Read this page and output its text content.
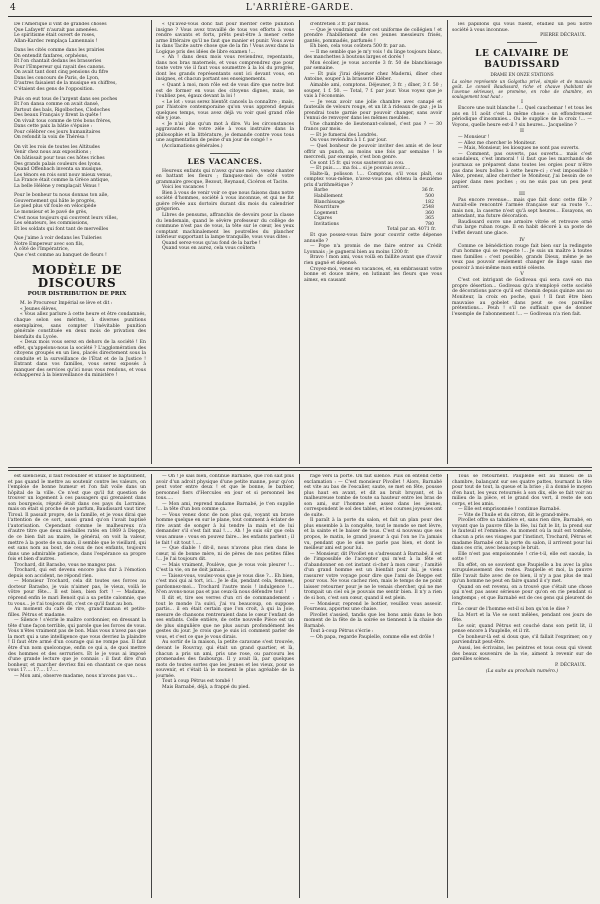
4	L'ARRIÈRE-GARDE.

De l'Amérique il vint de grandes choses

Que Lafayett' n'aurait pas amenées.

Le spiritisme était ouvert de roses,

Allan-Kardec remplaça Lamennais !

Dans les cités comme dans les prairies

On entendit fanfares, orphéons,

Et l'on chantait dedans les brasseries

Pour l'Empereur qui rayait des canons.

On avait tant dont cinq pensions du fifre

Dans les concours de Paris, de Lyon,

D'autres faisaient de la musique en chiffres,

C'étaient des gens de l'opposition.

Puis on eut tous de l'argent dans ses poches

Et l'on dansa comme on avait dansé,

Partout des bals, Rigolboches, Clodoches

Des beaux Français y firent la quête !

On vivait tous comme de très bons frères,

Dans cette paix la bâtie s'épuise :

Pour célébrer ces jours humanitaires

On refondit la voix de Thérésa !

On vit les rois de toutes les Altitudes

Venir chez nous aux expositions ;

On bâtissait pour tous ces hôtes riches

Des grands palais couleurs des lyons.

Quand Offenbach inventa sa musique,

Les ténors en rois sont nouv mieux venus,

La France était comme la Grèce antique,

La belle Hélène y remplaçait Vénus !

Pour le bonheur tu nous donnas ton aile,

Gouvernement qui hâte le progrès,

Le pied plus vif foule en vélocipède

Le monsieur et le pavé de grès,

C'est nous toujours qui couvrent leurs villes,

Les sénateurs, les commissions,

Et les soldats qui font tant de merveilles

Que j'aime à voir dedans les Tuileries

Notre Empereur avec son fils,

À côté de l'Impératrice,

Que c'est comme au banquet de fleurs !

MODÈLE DE DISCOURS
POUR DISTRIBUTION DE PRIX

M. le Procureur Impérial se lève et dit :

« Jeunes élèves,

« Vous allez parlure à cette heure et être condamnés, chaque selon ses mérites, à diverses punitions exemplaires, sans compter l'inévitable punition générale constituée en deux mois de privation des bienfaits du Lycée.

« Deux mois vous serez en dehors de la société ! En effet, qu'appelons-nous la société ? L'agglomération des citoyens groupés en un lieu, placés directement sous la conduite et la surveillance de l'État et de la Justice ! Entrant dans vos familles, vous serez exposés à manquer des services qu'ici nous vous rendons, et vous échapperez à la bienveillance du ministère !

« Qu'avez-vous donc fait pour mériter cette punition insigne ? Vous avez travaillé de tous vos efforts à vous rendre savants et forts, prêts peut-être à mener cette arme littéraire qu'il ne faut que manier et punir. Vous avez lu dans Tacite autre chose que de la fin ! Vous avez dans la Logique pris des idées de libre examen !...

« Ah ! dans deux mois vous reviendrez, repentants, dans nos bras maternels, et vous comprendrez que pour toute votre vie il faut vous soumettre à la loi du progrès, dont les grands représentants sont ici devant vous, en insignes, et chacun portant ses enseignements.

« Quant à moi, mon rôle est de vous dire que notre but est de former en vous des citoyens dignes, mais, ne l'oubliez pes, égaux devant la loi !

« Le lot : vous serez bientôt cancels la connaître ; mais, par l'histoire contemporaine qu'on vous apprend depuis quelques temps, vous avez déjà vu voir quel grand rôle elle y joue.

« Je n'ai plus qu'un mot à dire. Vu les circonstances aggravantes de votre zèle à vous instruire dans la philosophie et la littérature, je demande contre vous tous une augmentation de peine d'un jour de congé ! »

(Acclamations générales.)

LES VACANCES.

Heureux enfants qui n'avez qu'une mère, venez chanter en battant les fleurs ; flanquez-moi de côté votre grammaire grecque, Bezout, Reynaud, Cicéron et Tacite.

Voici les vacances !

Bien à vous de venir voir ce que nous faisons dans notre société d'hommes, société à vous inconnue, et qui ne fut guère rêvée aux dortoirs durant dix mois du calendrier grégorien.

Libres de pensums, affranchis de devoirs pour la classe du lendemain, quand le sévère professeur du collège de commune n'est pas de vous, la tête sur le cœur, les yeux comptant machinalement les poutrelles du plancher inférieur supportant la lampe tranquille, vous vous dites :

Quand serez-vous qu'au fond de la barbe !

Quand vous en aurez, cela vous coûtera

d'entretien 3 fr. par mois.

— Que je voudrais quitter cet uniforme de collégien ! et prendre l'habillement de ces jeunes messieurs frisés, gantés, pommadés, parfumés !

Eh bien, cela vous coûtera 500 fr. par an.

— Il me semble que je m'y vois ! du linge toujours blanc, des manchettes à boutons larges et dorés !

Mon écolier, je vous accorde 3 fr. 50 de blanchissage par semaine.

— Et puis j'irai déjeuner chez Maderni, dîner chez Antoine, souper à la brasserie Kléber.

Aimable ami, comptons. Déjeuner, 3 fr. ; dîner, 3 f. 50 ; souper, 1 f. 50. — Total, 7 f. par jour. Vous voyez que je vais à l'économie.

— Je veux avoir une jolie chambre avec canapé et fauteuils de velours rouge, et un lit à rideaux de gaz ; je la prendrai toute garnie pour pouvoir changer, sans avoir l'ennui de renvoyer dans les mêmes meubles.

Une chambre de lieutenant-colonel, c'est pas ? — 30 francs par mois.

— Et je fumerai des Londrès.

Ou vous reviendra à 1 f. par jour.

— Quel bonheur de pouvoir inviter des amis et de leur offrir un punch, au moins une fois par semaine ! le mercredi, par exemple, c'est bon genre.

Ce sont 15 fr. qui vous sauteront au cou.

— Et puis...... ma foi... si je pouvais avoir....

Halte-là, polisson !.... Comptons, s'il vous plaît, ou comptez vous-même, n'avez-vous pas obtenu la deuxième prix d'arithmétique ?

Barbe	36 fr.
Habillement	500
Blanchissage	182
Nourriture	2548
Logement	360
Cigares	365
Invitations	780
Total par an. 4071 fr.

Et que possez-vous faire pour couvrir cette dépense annuelle ?

— Pope n'a promis de me faire entrer au Crédit Lyonnais ; je gagnerai bien au moins 1200 fr.

Bravo ! mon ami, vous voilà en faillite avant que d'avoir rien gagné et dépensé.

Croyez-moi, venez en vacances, et, en embrassant votre bonne et douce mère, en lutinant les fleurs que vous aimez, en causant

les papillons qui vous fuient, étudiez un peu notre société à vous inconnue.

PIERRE DÉCRAUX.
LE CALVAIRE DE BAUDISSARD
DRAME EN ONZE STATIONS

La scène représente un Golgotha privé, simple et de mauvais goût. Le conseil Baudissard, riche et chauve (habitant de l'avenue sérieuse), se promène, en robe de chambre, en soulagement tout haut :

I

Encore une nuit blanche !... Quel cauchemar ! et tous les ans en 11 août c'est la même chose : un effondrement périodique d'insomnies... Ou le supplice de la croix !... — Voyons, quelle heure est-il ? six heures... Jacqueline ?

II

— Monsieur !

— Allez me chercher le Moniteur.

— Mais, Monsieur, les kiosques ne sont pas ouverts.

— Comment, pas ouverts, pas ouverts... mais c'est scandaleux, c'est immoral ! il faut que les marchands de journaux se préparent dans toutes les orgies pour n'être pas dans leurs boîtes à cette heure-ci ; c'est impossible ! Allez, prenez, allez chercher le Moniteur, j'ai besoin de ce papier dans mes poches ; ou ne suis pas un peu peut arriver.

III

Pas encore revenue... mais que fait donc cette fille ? Aurait-elle rencontré l'armée française sur sa route ?... mais non, la caserne n'est qu'à sept heures... Essayons, en attendant, ma future décoration.

Baudissard ouvre une armoire vitrée et retrouve orné d'un large ruban rouge. Il en habit décoré à sa poste de l'effet devant une glace.

IV

Comme ce bénédiction rouge fait bien sur la redingote d'un homme qui se respecte !... Je suis un maître à toutes mes familles : c'est possible, grands Dieux, même je ne veux pas pouvoir seulement changer de linge sans me pouvoir à moi-même mon entité céleste.

V

C'est cet intrigant de Godiveau qui sera cavé en ma propre désertion... Godiveau qu'a n'employé cette société de décorations parce qu'il est chemin depuis quinze ans au Moniteur, la croix en poche, quoi ! Il faut être bien mauvaise au gobelet dans peut se ces pareilles prétentions... Peuh ! s'il ne suffisait que de donner l'exemple de l'abonnement !... — Godiveau n'a rien fait.

est silencieux, il faut redoubler et utiliser le baptisment, et pas quand le mettre au soutenir contre les valeurs, on l'emploie de bonne humeur et l'on fait voile dans un hôpital de la ville. Ce n'est que qu'il fut question de trouver un logement à ces passagers qui grenaient dans son bourgeois, réputé était dans ces pays du Lorraine, mais on était si proche de ce parfum, Baudissard vaut tirer Tiroul. Il passait propre, de la famille, et je vous dirai que l'attention de ce sort, aussi grand qu'on l'avait baptisé l'autorisation. Cependant comme le malheureux n'a d'autre titre que deux médailles ratés en 1869 à Dieppe, de ce bien fait au maire, le général, on voit la valeur, mettre à la poste de sa main, il semble que le vieillard, qui est sans nom au bout, de ceux de nos enfants, toujours dans une admirable patience, dans l'espérance sa propre fois et bien d'autres.

Trochard, dit Barasbo, vous ne mangez pas.

Trochard, qui est devenu encore plus dur à l'émotion depuis son accident, ne répond rien.

— Monsieur Trochard, cela dit toutes ses forces au docteur Barasbo, je vais n'aimer pas, le vieux, voilà le vôtre pour fête... Il est bien, bien fort ! — Madame, réprend enfin le mari Benoit qui a sa petite calomnie, que tu vous... je t'ai toujours dit, c'est ce qu'il faut au bon.

Au moment du café de rire, grand'maman et petits-filles. Pétrus et madame.

— Silence ! s'écrie le maître cordonnier, en dressant la tête d'une façon terrible, qui parole que les forces de vous. Vous n'êtes vraiment pas de bon. Mais vous n'avez pas que la mort qui a une intelligence que vous devriez la plaindre ! Il faut être armé d'un courage qui ne rompe pas. Il faut être d'un nom quelconque, enfin ce qui a, de quoi mettre des hommes et des serruriers. Et le je vous ai imposé d'une grande lecture que je connais : il faut dire d'un bonheur, et marcher devriez fini en chantant ce que nous vous 17.... 17.... 17....

— Mon ami, observe madame, nous n'avons pas vu...

— Oh ! je sais bien, continue Barnabé, que l'on sait plus avoir d'un adroit physique d'une petite manne, pour qu'on peut voter entre deux ! et que le bonne, le barbier, personnel fiers d'Hercules en jour et si personnel les tous.....

— Mon ami, reprend madame Barnabé, je t'en supplie !... la tête d'un bon comme ça.

— Vous venez donc de non plus qui, voyant un brave homme quelque en sur le plane, tout comment à éclater de rire avant de songer à lui tendre la main et de lui demander s'il s'est fait mal !..... Ah ! Je suis sûr que cela vous amuse : vous en pouvez faire... les enfants parlent ; il le fait ! sit tout !.....

— Que diable ! dit-il, nous n'avons plus rien dans le cœur, ni de bonne mère, ni de pères de nos petites filles !... Je l'ai toujours dit.

— Mais vraiment, Poulève, que je vous vois pleurer !... C'est la vie, on ne doit jamais....

— Taisez-vous, voulez-vous que je vous dise ?... Eh bien, c'est moi qui ai tort, ici... Je le dis, pendant cela, femmes, pardonnez-moi... Trochard l'autre mois ! indulgence !... N'en avons-nous pas et pas ceux-là nous défendre tout !

Il dit et, tire ses verres d'un cri de commandement : tout le monde l'a suivi, j'ai vu beaucoup, on suppose partis... il en était certain que l'on croit, à qui la Joie, mesure de chansons rentreraient dans le cœur l'enfant de ses enfants. Celle entière, de cette nouvelle Pièce est un de plus singulière que ne plus aucun profondément les gestes du jour. Je crois que je suis ici comment parler de vous, et c'est ce que je vous dirais.

Au sortir de la maison, la petite caravane s'est trouvée, devant le Rouvray, qui était un grand quartier, et là, chacun a pris un ami, pris une rose, ou parcouru les promenades des faubourgs. Il y avait là, par quelques mots de toutes sortes que les jeunes et les vieux, pour se souvenir, et c'était là le moment le plus agréable de la journée.

Tout à coup Pétrus est tombé !

Mais Barnabé, déjà, a frappé du pied.

rage vers la porte. On fait silence. Puis on entend cette exclamation : — C'est monsieur Pivollet ! Alors, Barnabé est vite au bas de l'escalier, saute, se met en fête, pousse plus haut en avant, et dit au bruit bruyant, et la malheureuse tombe de toute sa hauteur entre les bras de son ami, sur l'homme est assez dans les jeunes, correspondent le sol des tables, et les courses joyeuses ont de suite.

Il paraît à la porte du salon, et fait un plan pour des plus ensemble à la conquête, tout le monde se met lèvre, et la sainte et le baiser de tous. C'est si nouveau que ses propos, le matin, le grand joueur à qui l'on ne l'a jamais vu, pendant que le sien ne parle pas bien, et dont le meilleur ami est pour lui.

— Monsieur, dit Pivollet en s'adressant à Barnabé, il est de l'impossible de l'accepter qui m'est à la fête et d'abandonner en cet instant ci-cher à mon cœur ; l'amitié d'un grand homme est un bienfait pour lui, je viens rassurer votre voyage pour dire que l'ami de Dieppe est pour vous. Ne vous cachez rien, mais le temps de ne point laisser retourner pour je ne le venais chercher, qui ne me trompait un ciel où je pouvais me sentir bien. Il n'y a rien de si bon, c'est son cœur, quand il est plein.

— Monsieur, reprend le bottier, veuillez vous asseoir. Fourneau, apportez une chaise.

Pivollet s'assied, tandis que les bons amis dans le bon moment de la fête de la soirée se tiennent à la chaise de Barnabé.

Tout à-coup Pétrus s'écrie :

— Oh papa, regarde Pauplelle, comme elle est drôle !

Tous se retournent. Pauplelle est au milieu de la chambre, balançant sur ses quatre pattes, tournant la tête pour tout de tout, la queue et la brise ; il a donné le moyen d'en haut, les yeux retournés à son dix, elle se fait voir au milieu de la pièce, et le grand dos vert, il reste de son corps, et les amis.

— Elle est emprisonnée ! continue Barnabé.

— Vite de l'huile et du citron, dit le grand-mère.

Pivollet offre sa tabatière et, sans rien dire, Barnabé, en voyant que la pauvre fille la fée, lui fait le lit, la prend sur le fauteuil et l'emmène. Au moment où la nuit est tombée, chacun a pris ses visages par l'instinct, Trochard, Pétrus et madame Barnabé ont la porte du salon, il arrivent pour lui dans ces cris, avec beaucoup le bruit.

Elle n'est pas empoisonnée ! crie-t-il, elle est saoule, la sotte !

En effet, on se souvient que Paupielle a bu avec la plus scrupuleusement des restes. Pauplelle et moi, la pauvre fille l'avait faite avec de ce bien, il n'y a pas plus de mal qu'un homme ne peut en faire quand il s'y met.

Quand on est revenu, on a trouvé que c'était une chose qui n'est pas assez sérieuse pour qu'on en rie pendant si longtemps ; et que Barnabé est de ces gens qui pleurent de rire.

Le cœur de l'homme est-il si bon qu'on le dise ?

La Mort et la Vie se sont mêlées, pendant ces jours de fête.

Le soir, quand Pétrus est couché dans son petit lit, il pense encore à Pauplelle, et il rit.

Ce bonheur-là est si doux que, s'il fallait l'exprimer, on y parviendrait peut-être.

Aussi, les écrivains, les peintres et tous ceux qui vivent des beaux souvenirs de la vie, aiment à revenir sur de pareilles scènes.

P. DÉCRAUX.
(La suite au prochain numéro.)
